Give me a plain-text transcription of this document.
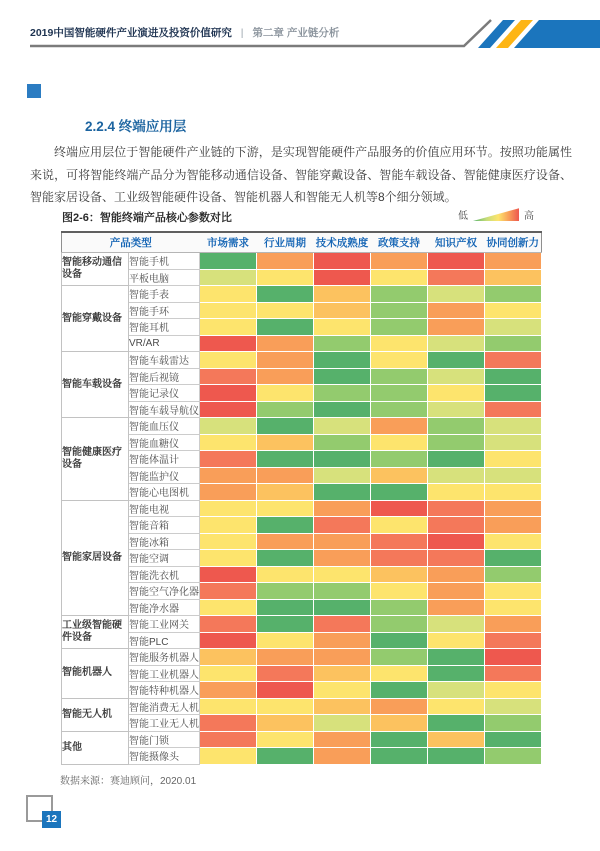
2019中国智能硬件产业演进及投资价值研究 | 第二章 产业链分析
2.2.4 终端应用层
终端应用层位于智能硬件产业链的下游，是实现智能硬件产品服务的价值应用环节。按照功能属性来说，可将智能终端产品分为智能移动通信设备、智能穿戴设备、智能车载设备、智能健康医疗设备、智能家居设备、工业级智能硬件设备、智能机器人和智能无人机等8个细分领域。
图2-6：智能终端产品核心参数对比	低	高
产品类型		市场需求	行业周期	技术成熟度	政策支持	知识产权	协同创新力
智能移动通信设备	智能手机						
	平板电脑						
智能穿戴设备	智能手表						
	智能手环						
	智能耳机						
	VR/AR						
智能车载设备	智能车载雷达						
	智能后视镜						
	智能记录仪						
	智能车载导航仪						
智能健康医疗设备	智能血压仪						
	智能血糖仪						
	智能体温计						
	智能监护仪						
	智能心电图机						
智能家居设备	智能电视						
	智能音箱						
	智能冰箱						
	智能空调						
	智能洗衣机						
	智能空气净化器						
	智能净水器						
工业级智能硬件设备	智能工业网关						
	智能PLC						
智能机器人	智能服务机器人						
	智能工业机器人						
	智能特种机器人						
智能无人机	智能消费无人机						
	智能工业无人机						
其他	智能门锁						
	智能摄像头						
数据来源：赛迪顾问，2020.01
12
